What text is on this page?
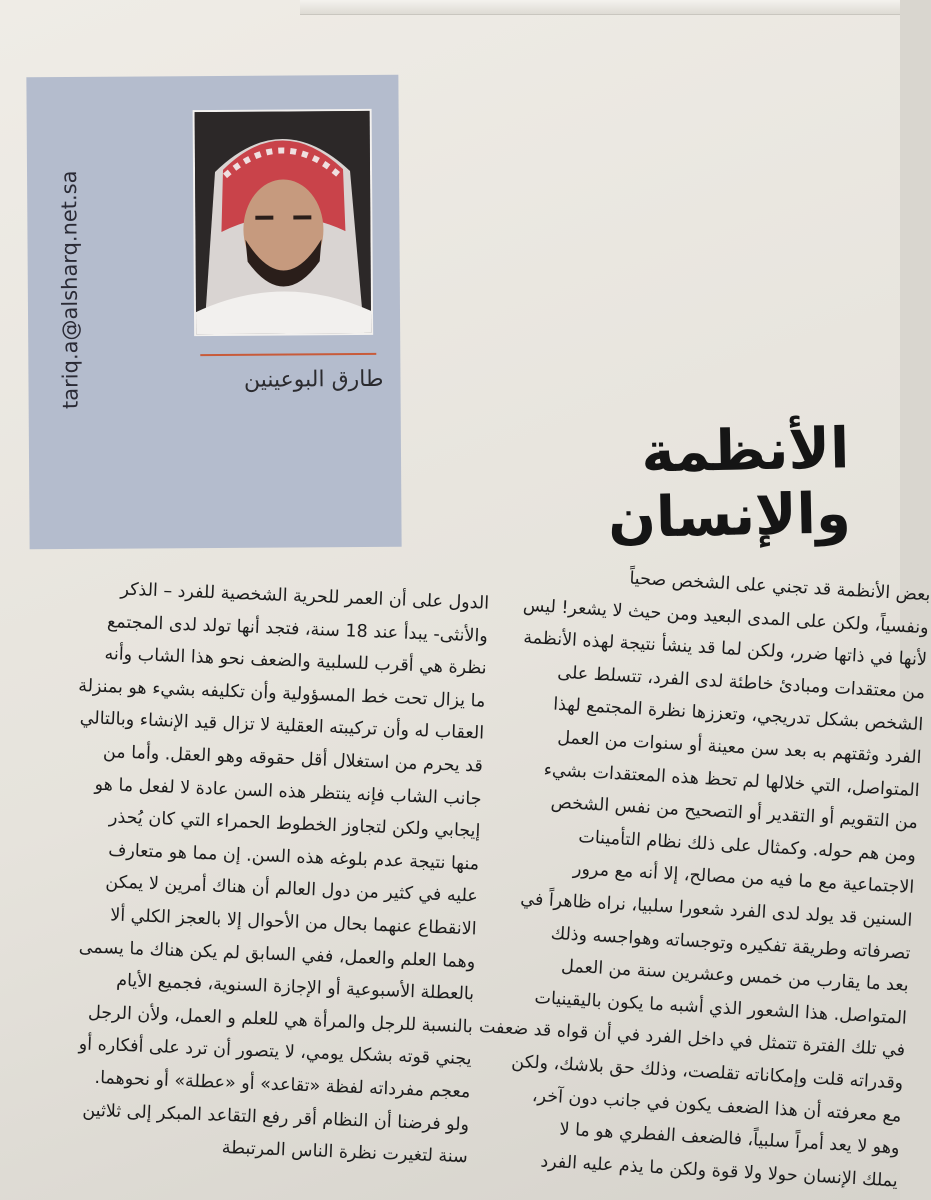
طارق البوعينين
tariq.a@alsharq.net.sa
الأنظمة والإنسان

بعض الأنظمة قد تجني على الشخص صحياً

ونفسياً، ولكن على المدى البعيد ومن حيث لا يشعر! ليس

لأنها في ذاتها ضرر، ولكن لما قد ينشأ نتيجة لهذه الأنظمة

من معتقدات ومبادئ خاطئة لدى الفرد، تتسلط على

الشخص بشكل تدريجي، وتعززها نظرة المجتمع لهذا

الفرد وثقتهم به بعد سن معينة أو سنوات من العمل

المتواصل، التي خلالها لم تحظ هذه المعتقدات بشيء

من التقويم أو التقدير أو التصحيح من نفس الشخص

ومن هم حوله. وكمثال على ذلك نظام التأمينات

الاجتماعية مع ما فيه من مصالح، إلا أنه مع مرور

السنين قد يولد لدى الفرد شعورا سلبيا، نراه ظاهراً في

تصرفاته وطريقة تفكيره وتوجساته وهواجسه وذلك

بعد ما يقارب من خمس وعشرين سنة من العمل

المتواصل. هذا الشعور الذي أشبه ما يكون باليقينيات

في تلك الفترة تتمثل في داخل الفرد في أن قواه قد ضعفت

وقدراته قلت وإمكاناته تقلصت، وذلك حق بلاشك، ولكن

مع معرفته أن هذا الضعف يكون في جانب دون آخر،

وهو لا يعد أمراً سلبياً، فالضعف الفطري هو ما لا

يملك الإنسان حولا ولا قوة ولكن ما يذم عليه الفرد

الدول على أن العمر للحرية الشخصية للفرد – الذكر

والأنثى- يبدأ عند 18 سنة، فتجد أنها تولد لدى المجتمع

نظرة هي أقرب للسلبية والضعف نحو هذا الشاب وأنه

ما يزال تحت خط المسؤولية وأن تكليفه بشيء هو بمنزلة

العقاب له وأن تركيبته العقلية لا تزال قيد الإنشاء وبالتالي

قد يحرم من استغلال أقل حقوقه وهو العقل. وأما من

جانب الشاب فإنه ينتظر هذه السن عادة لا لفعل ما هو

إيجابي ولكن لتجاوز الخطوط الحمراء التي كان يُحذر

منها نتيجة عدم بلوغه هذه السن. إن مما هو متعارف

عليه في كثير من دول العالم أن هناك أمرين لا يمكن

الانقطاع عنهما بحال من الأحوال إلا بالعجز الكلي ألا

وهما العلم والعمل، ففي السابق لم يكن هناك ما يسمى

بالعطلة الأسبوعية أو الإجازة السنوية، فجميع الأيام

بالنسبة للرجل والمرأة هي للعلم و العمل، ولأن الرجل

يجني قوته بشكل يومي، لا يتصور أن ترد على أفكاره أو

معجم مفرداته لفظة «تقاعد» أو «عطلة» أو نحوهما.

ولو فرضنا أن النظام أقر رفع التقاعد المبكر إلى ثلاثين

سنة لتغيرت نظرة الناس المرتبطة
